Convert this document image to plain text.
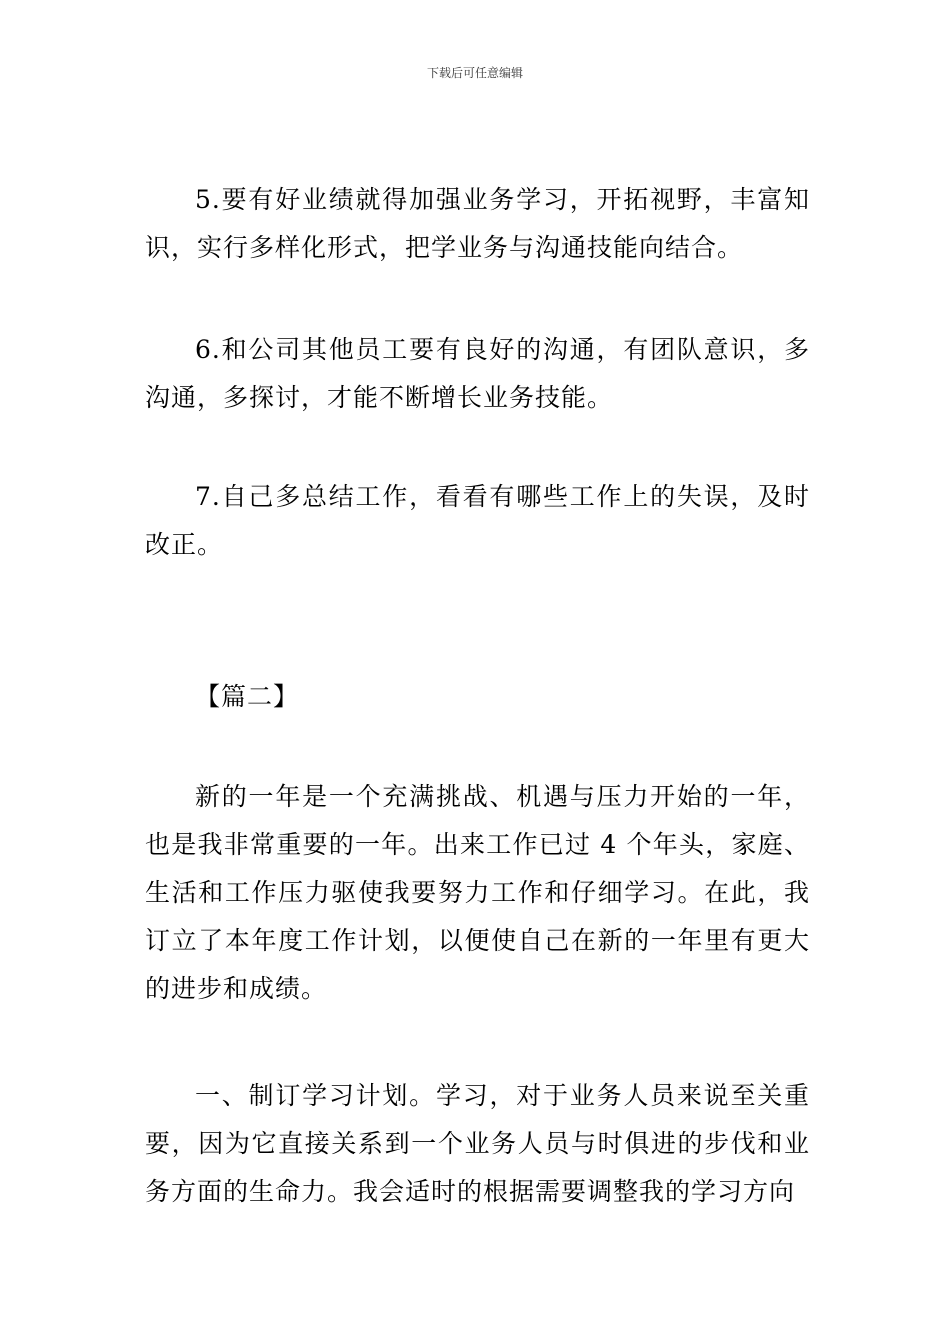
下载后可任意编辑

5.要有好业绩就得加强业务学习，开拓视野，丰富知识，实行多样化形式，把学业务与沟通技能向结合。

6.和公司其他员工要有良好的沟通，有团队意识，多沟通，多探讨，才能不断增长业务技能。

7.自己多总结工作，看看有哪些工作上的失误，及时改正。

【篇二】

新的一年是一个充满挑战、机遇与压力开始的一年，也是我非常重要的一年。出来工作已过 4 个年头，家庭、生活和工作压力驱使我要努力工作和仔细学习。在此，我订立了本年度工作计划，以便使自己在新的一年里有更大的进步和成绩。

一、制订学习计划。学习，对于业务人员来说至关重要，因为它直接关系到一个业务人员与时俱进的步伐和业务方面的生命力。我会适时的根据需要调整我的学习方向
